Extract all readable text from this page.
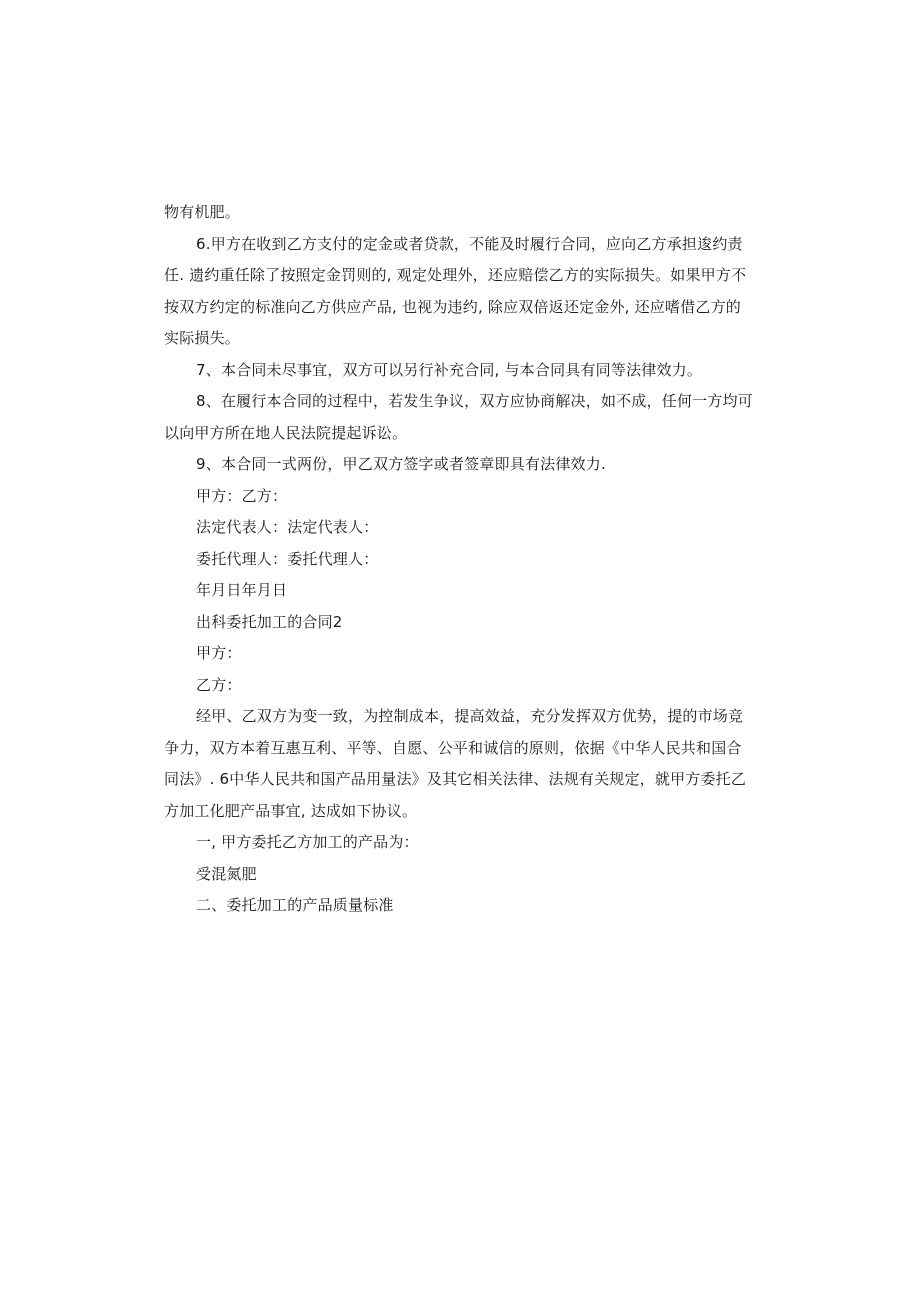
物有机肥。
6.甲方在收到乙方支付的定金或者贷款，不能及时履行合同，应向乙方承担逡约责
任. 遗约重任除了按照定金罚则的, 观定处理外，还应赔偿乙方的实际损失。如果甲方不
按双方约定的标准向乙方供应产品, 也视为违约, 除应双倍返还定金外, 还应嗜借乙方的
实际损失。
7、本合同未尽事宜，双方可以另行补充合同, 与本合同具有同等法律效力。
8、在履行本合同的过程中，若发生争议，双方应协商解决，如不成，任何一方均可
以向甲方所在地人民法院提起诉讼。
9、本合同一式两份，甲乙双方签字或者签章即具有法律效力.
甲方：乙方：
法定代表人：法定代表人：
委托代理人：委托代理人：
年月日年月日
出科委托加工的合同2
甲方：
乙方：
经甲、乙双方为变一致，为控制成本，提高效益，充分发挥双方优势，提的市场竞
争力，双方本着互惠互利、平等、自愿、公平和诚信的原则，依据《中华人民共和国合
同法》. 6中华人民共和国产品用量法》及其它相关法律、法规有关规定，就甲方委托乙
方加工化肥产品事宜, 达成如下协议。
一, 甲方委托乙方加工的产品为：
受混氮肥
二、委托加工的产品质量标准
